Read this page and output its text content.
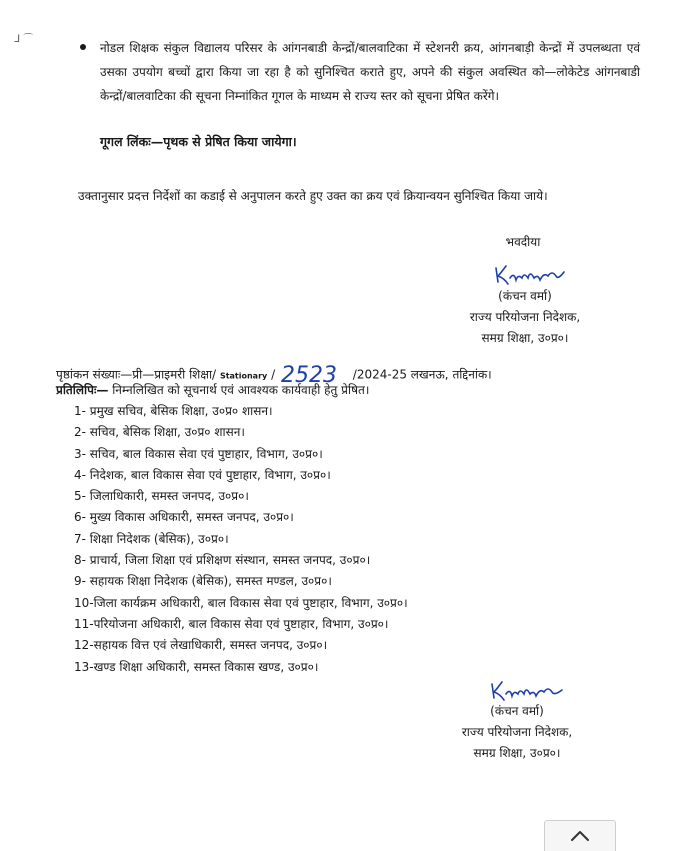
ᒧ ⌒
नोडल शिक्षक संकुल विद्यालय परिसर के आंगनबाडी केन्द्रों/बालवाटिका में स्टेशनरी क्रय, आंगनबाड़ी केन्द्रों में उपलब्धता एवं उसका उपयोग बच्चों द्वारा किया जा रहा है को सुनिश्चित कराते हुए, अपने की संकुल अवस्थित को—लोकेटेड आंगनबाडी केन्द्रों/बालवाटिका की सूचना निम्नांकित गूगल के माध्यम से राज्य स्तर को सूचना प्रेषित करेंगे।
गूगल लिंकः—पृथक से प्रेषित किया जायेगा।
उक्तानुसार प्रदत्त निर्देशों का कडाई से अनुपालन करते हुए उक्त का क्रय एवं क्रियान्वयन सुनिश्चित किया जाये।
भवदीया
(कंचन वर्मा)
राज्य परियोजना निदेशक,
समग्र शिक्षा, उ०प्र०।
पृष्ठांकन संख्याः—प्री—प्राइमरी शिक्षा/ Stationary / 2523 /2024-25 लखनऊ, तद्दिनांक।
प्रतिलिपिः— निम्नलिखित को सूचनार्थ एवं आवश्यक कार्यवाही हेतु प्रेषित।
1- प्रमुख सचिव, बेसिक शिक्षा, उ०प्र० शासन।
2- सचिव, बेसिक शिक्षा, उ०प्र० शासन।
3- सचिव, बाल विकास सेवा एवं पुष्टाहार, विभाग, उ०प्र०।
4- निदेशक, बाल विकास सेवा एवं पुष्टाहार, विभाग, उ०प्र०।
5- जिलाधिकारी, समस्त जनपद, उ०प्र०।
6- मुख्य विकास अधिकारी, समस्त जनपद, उ०प्र०।
7- शिक्षा निदेशक (बेसिक), उ०प्र०।
8- प्राचार्य, जिला शिक्षा एवं प्रशिक्षण संस्थान, समस्त जनपद, उ०प्र०।
9- सहायक शिक्षा निदेशक (बेसिक), समस्त मण्डल, उ०प्र०।
10-जिला कार्यक्रम अधिकारी, बाल विकास सेवा एवं पुष्टाहार, विभाग, उ०प्र०।
11-परियोजना अधिकारी, बाल विकास सेवा एवं पुष्टाहार, विभाग, उ०प्र०।
12-सहायक वित्त एवं लेखाधिकारी, समस्त जनपद, उ०प्र०।
13-खण्ड शिक्षा अधिकारी, समस्त विकास खण्ड, उ०प्र०।
(कंचन वर्मा)
राज्य परियोजना निदेशक,
समग्र शिक्षा, उ०प्र०।
